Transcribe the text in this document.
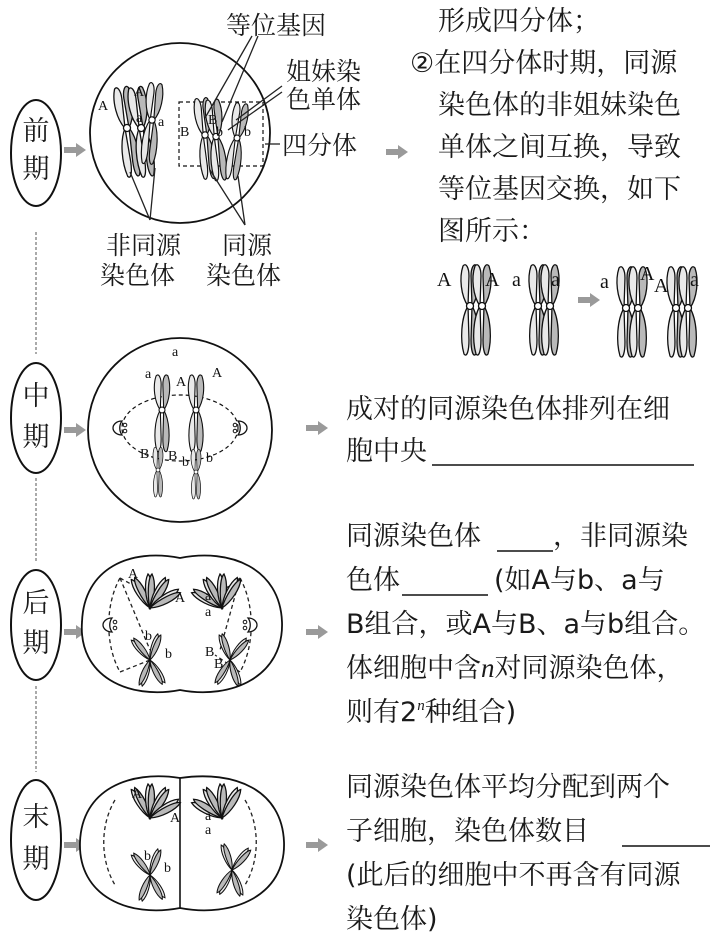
前
期
中
期
后
期
末
期
A
A
a a
B
B
b b
等位基因
姐妹染
色单体
四分体
非同源
染色体
同源
染色体
形成四分体；
②在四分体时期，同源
染色体的非姐妹染色
单体之间互换，导致
等位基因交换，如下
图所示：
A A a a a A
A a
a
a
A
A
B B b b
成对的同源染色体排列在细
胞中央
A
A
b
b
a
a
B
B
同源染色体	，非同源染
色体	(如A与b、a与
B组合，或A与B、a与b组合。
体细胞中含n对同源染色体，
则有2$^n$种组合)
A
A
b
b
a
a
同源染色体平均分配到两个
子细胞，染色体数目
(此后的细胞中不再含有同源
染色体)
